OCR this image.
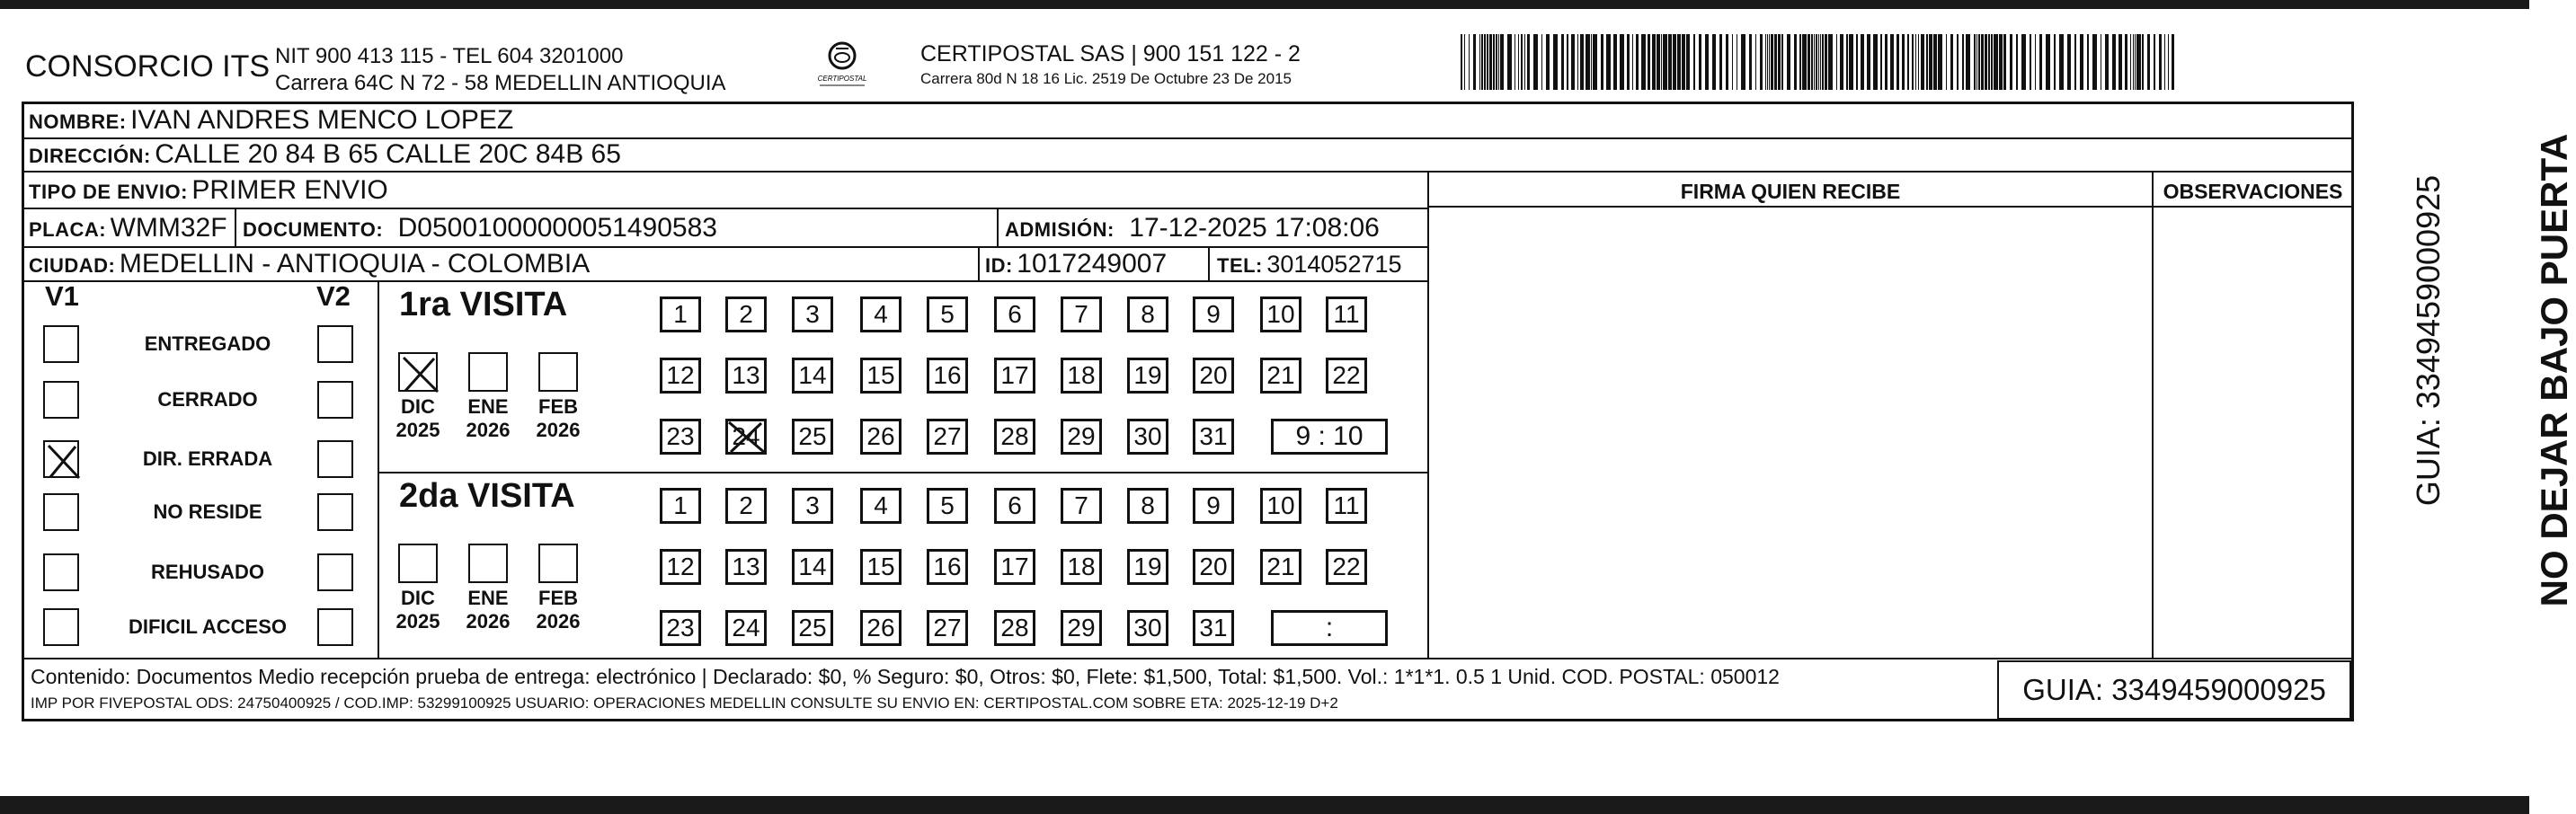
CONSORCIO ITS NIT 900 413 115 - TEL 604 3201000
Carrera 64C N 72 - 58 MEDELLIN ANTIOQUIA	CERTIPOSTAL
CERTIPOSTAL SAS | 900 151 122 - 2
Carrera 80d N 18 16 Lic. 2519 De Octubre 23 De 2015
NOMBRE: IVAN ANDRES MENCO LOPEZ
DIRECCIÓN: CALLE 20 84 B 65 CALLE 20C 84B 65
TIPO DE ENVIO: PRIMER ENVIO
PLACA: WMM32F DOCUMENTO: D05001000000051490583	ADMISIÓN: 17-12-2025 17:08:06
CIUDAD: MEDELLIN - ANTIOQUIA - COLOMBIA	ID: 1017249007	TEL: 3014052715
FIRMA QUIEN RECIBE	OBSERVACIONES
V1	V2
ENTREGADO
CERRADO
DIR. ERRADA
NO RESIDE
REHUSADO
DIFICIL ACCESO
1ra VISITA
DIC
2025
ENE
2026
FEB
2026
1	2	3	4	5	6	7	8	9	10	11
12 13 14 15 16 17 18 19 20 21 22
23 24 25 26 27 28 29 30 31	9 : 10
2da VISITA
DIC
2025
ENE
2026
FEB
2026
1	2	3	4	5	6	7	8	9	10	11
12 13 14 15 16 17 18 19 20 21 22
23 24 25 26 27 28 29 30 31	:
Contenido: Documentos Medio recepción prueba de entrega: electrónico | Declarado: $0, % Seguro: $0, Otros: $0, Flete: $1,500, Total: $1,500. Vol.: 1*1*1. 0.5 1 Unid. COD. POSTAL: 050012
IMP POR FIVEPOSTAL ODS: 24750400925 / COD.IMP: 53299100925 USUARIO: OPERACIONES MEDELLIN CONSULTE SU ENVIO EN: CERTIPOSTAL.COM SOBRE ETA: 2025-12-19 D+2	GUIA: 3349459000925
NO DEJAR BAJO PUERTA
GUIA: 3349459000925
